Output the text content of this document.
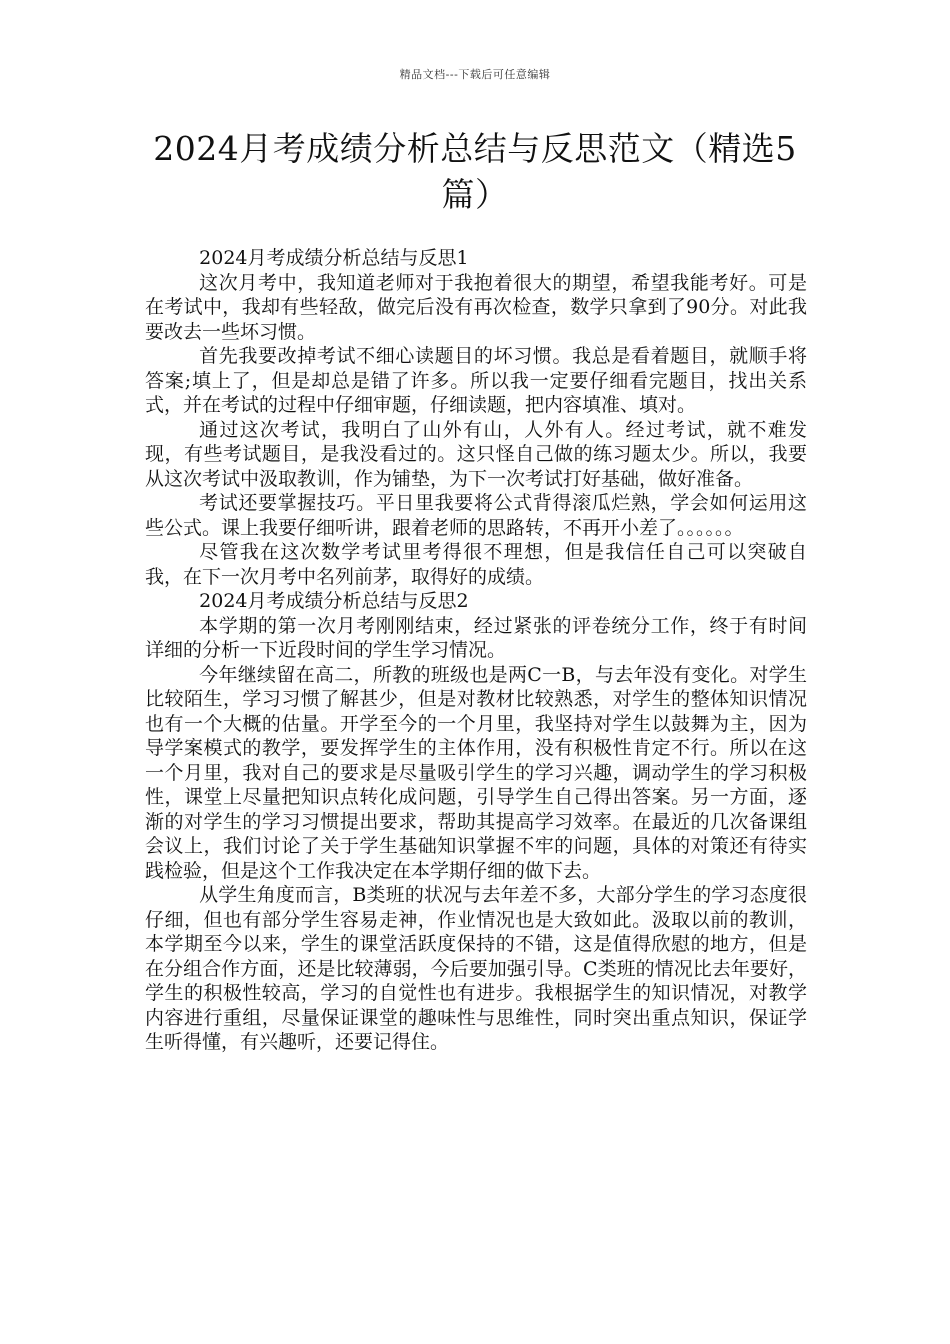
精品文档---下载后可任意编辑
2024月考成绩分析总结与反思范文（精选5篇）

2024月考成绩分析总结与反思1

这次月考中，我知道老师对于我抱着很大的期望，希望我能考好。可是在考试中，我却有些轻敌，做完后没有再次检查，数学只拿到了90分。对此我要改去一些坏习惯。

首先我要改掉考试不细心读题目的坏习惯。我总是看着题目，就顺手将答案;填上了，但是却总是错了许多。所以我一定要仔细看完题目，找出关系式，并在考试的过程中仔细审题，仔细读题，把内容填准、填对。

通过这次考试，我明白了山外有山，人外有人。经过考试，就不难发现，有些考试题目，是我没看过的。这只怪自己做的练习题太少。所以，我要从这次考试中汲取教训，作为铺垫，为下一次考试打好基础，做好准备。

考试还要掌握技巧。平日里我要将公式背得滚瓜烂熟，学会如何运用这些公式。课上我要仔细听讲，跟着老师的思路转，不再开小差了。。。。。。

尽管我在这次数学考试里考得很不理想，但是我信任自己可以突破自我，在下一次月考中名列前茅，取得好的成绩。

2024月考成绩分析总结与反思2

本学期的第一次月考刚刚结束，经过紧张的评卷统分工作，终于有时间详细的分析一下近段时间的学生学习情况。

今年继续留在高二，所教的班级也是两C一B，与去年没有变化。对学生比较陌生，学习习惯了解甚少，但是对教材比较熟悉，对学生的整体知识情况也有一个大概的估量。开学至今的一个月里，我坚持对学生以鼓舞为主，因为导学案模式的教学，要发挥学生的主体作用，没有积极性肯定不行。所以在这一个月里，我对自己的要求是尽量吸引学生的学习兴趣，调动学生的学习积极性，课堂上尽量把知识点转化成问题，引导学生自己得出答案。另一方面，逐渐的对学生的学习习惯提出要求，帮助其提高学习效率。在最近的几次备课组会议上，我们讨论了关于学生基础知识掌握不牢的问题，具体的对策还有待实践检验，但是这个工作我决定在本学期仔细的做下去。

从学生角度而言，B类班的状况与去年差不多，大部分学生的学习态度很仔细，但也有部分学生容易走神，作业情况也是大致如此。汲取以前的教训，本学期至今以来，学生的课堂活跃度保持的不错，这是值得欣慰的地方，但是在分组合作方面，还是比较薄弱，今后要加强引导。C类班的情况比去年要好，学生的积极性较高，学习的自觉性也有进步。我根据学生的知识情况，对教学内容进行重组，尽量保证课堂的趣味性与思维性，同时突出重点知识，保证学生听得懂，有兴趣听，还要记得住。
